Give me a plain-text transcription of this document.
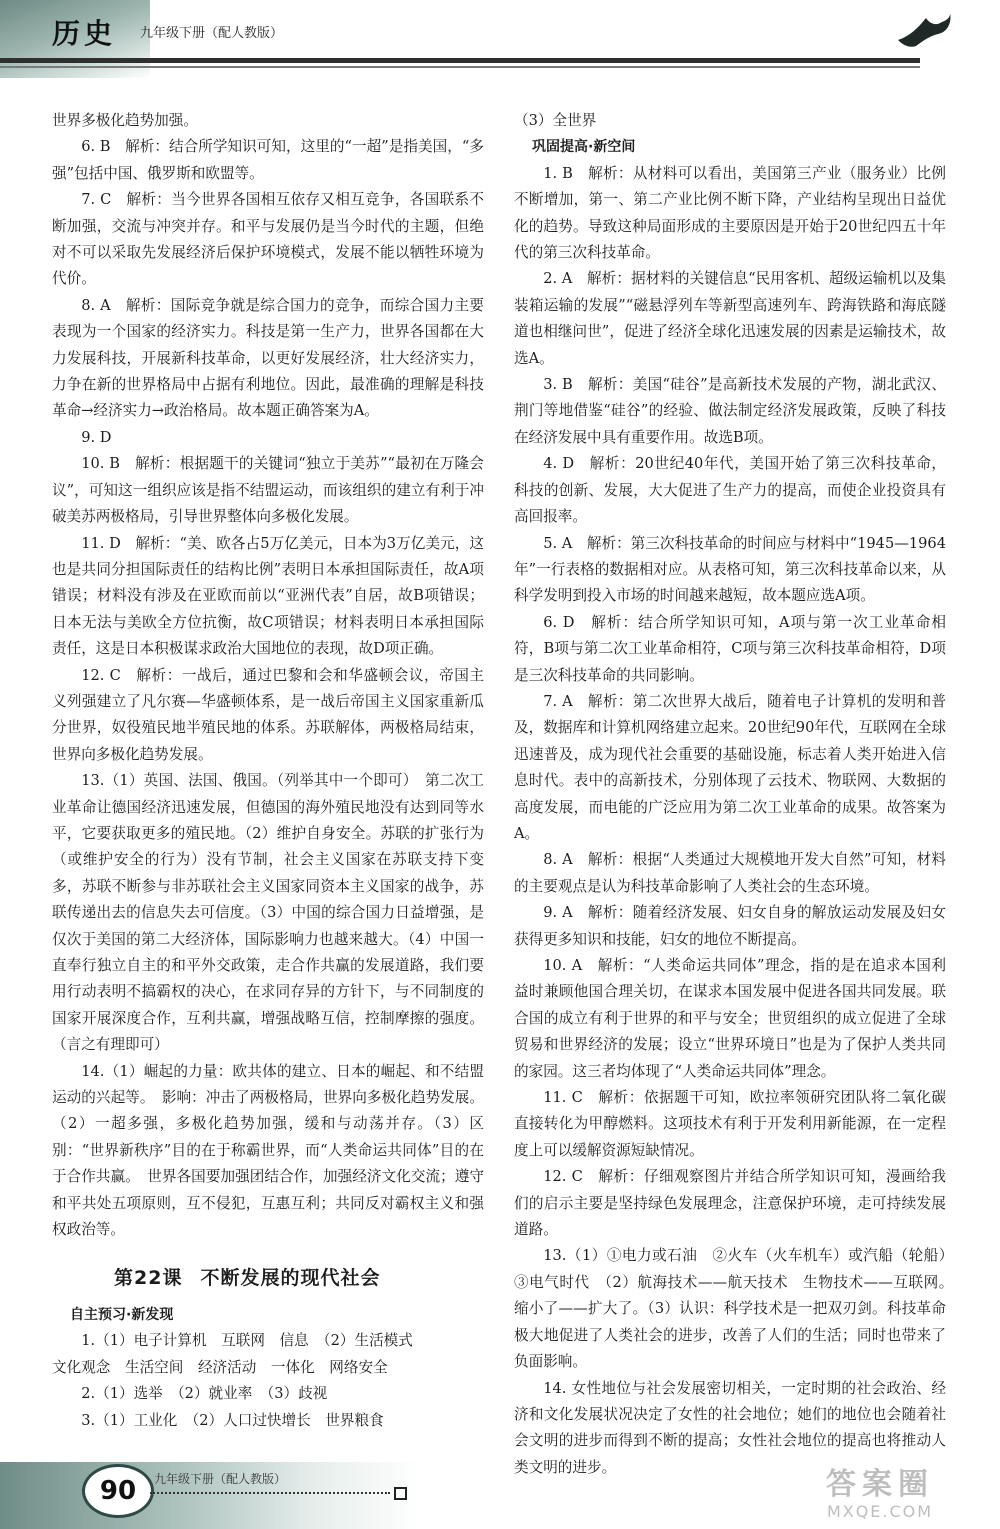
历史 九年级下册（配人教版）

世界多极化趋势加强。

6. B　解析：结合所学知识可知，这里的“一超”是指美国，“多强”包括中国、俄罗斯和欧盟等。

7. C　解析：当今世界各国相互依存又相互竞争，各国联系不断加强，交流与冲突并存。和平与发展仍是当今时代的主题，但绝对不可以采取先发展经济后保护环境模式，发展不能以牺牲环境为代价。

8. A　解析：国际竞争就是综合国力的竞争，而综合国力主要表现为一个国家的经济实力。科技是第一生产力，世界各国都在大力发展科技，开展新科技革命，以更好发展经济，壮大经济实力，力争在新的世界格局中占据有利地位。因此，最准确的理解是科技革命→经济实力→政治格局。故本题正确答案为A。

9. D

10. B　解析：根据题干的关键词“独立于美苏”“最初在万隆会议”，可知这一组织应该是指不结盟运动，而该组织的建立有利于冲破美苏两极格局，引导世界整体向多极化发展。

11. D　解析：“美、欧各占5万亿美元，日本为3万亿美元，这也是共同分担国际责任的结构比例”表明日本承担国际责任，故A项错误；材料没有涉及在亚欧而前以“亚洲代表”自居，故B项错误；日本无法与美欧全方位抗衡，故C项错误；材料表明日本承担国际责任，这是日本积极谋求政治大国地位的表现，故D项正确。

12. C　解析：一战后，通过巴黎和会和华盛顿会议，帝国主义列强建立了凡尔赛—华盛顿体系，是一战后帝国主义国家重新瓜分世界，奴役殖民地半殖民地的体系。苏联解体，两极格局结束，世界向多极化趋势发展。

13.（1）英国、法国、俄国。（列举其中一个即可）　第二次工业革命让德国经济迅速发展，但德国的海外殖民地没有达到同等水平，它要获取更多的殖民地。（2）维护自身安全。苏联的扩张行为（或维护安全的行为）没有节制，社会主义国家在苏联支持下变多，苏联不断参与非苏联社会主义国家同资本主义国家的战争，苏联传递出去的信息失去可信度。（3）中国的综合国力日益增强，是仅次于美国的第二大经济体，国际影响力也越来越大。（4）中国一直奉行独立自主的和平外交政策，走合作共赢的发展道路，我们要用行动表明不搞霸权的决心，在求同存异的方针下，与不同制度的国家开展深度合作，互利共赢，增强战略互信，控制摩擦的强度。（言之有理即可）

14.（1）崛起的力量：欧共体的建立、日本的崛起、和不结盟运动的兴起等。　影响：冲击了两极格局，世界向多极化趋势发展。（2）一超多强，多极化趋势加强，缓和与动荡并存。（3）区别：“世界新秩序”目的在于称霸世界，而“人类命运共同体”目的在于合作共赢。　世界各国要加强团结合作，加强经济文化交流；遵守和平共处五项原则，互不侵犯，互惠互利；共同反对霸权主义和强权政治等。

第22课 不断发展的现代社会
自主预习·新发现

1.（1）电子计算机　互联网　信息　（2）生活模式

文化观念　生活空间　经济活动　一体化　网络安全

2.（1）选举　（2）就业率　（3）歧视

3.（1）工业化　（2）人口过快增长　世界粮食

（3）全世界

巩固提高·新空间

1. B　解析：从材料可以看出，美国第三产业（服务业）比例不断增加，第一、第二产业比例不断下降，产业结构呈现出日益优化的趋势。导致这种局面形成的主要原因是开始于20世纪四五十年代的第三次科技革命。

2. A　解析：据材料的关键信息“民用客机、超级运输机以及集装箱运输的发展”“磁悬浮列车等新型高速列车、跨海铁路和海底隧道也相继问世”，促进了经济全球化迅速发展的因素是运输技术，故选A。

3. B　解析：美国“硅谷”是高新技术发展的产物，湖北武汉、荆门等地借鉴“硅谷”的经验、做法制定经济发展政策，反映了科技在经济发展中具有重要作用。故选B项。

4. D　解析：20世纪40年代，美国开始了第三次科技革命，科技的创新、发展，大大促进了生产力的提高，而使企业投资具有高回报率。

5. A　解析：第三次科技革命的时间应与材料中“1945—1964年”一行表格的数据相对应。从表格可知，第三次科技革命以来，从科学发明到投入市场的时间越来越短，故本题应选A项。

6. D　解析：结合所学知识可知，A项与第一次工业革命相符，B项与第二次工业革命相符，C项与第三次科技革命相符，D项是三次科技革命的共同影响。

7. A　解析：第二次世界大战后，随着电子计算机的发明和普及，数据库和计算机网络建立起来。20世纪90年代，互联网在全球迅速普及，成为现代社会重要的基础设施，标志着人类开始进入信息时代。表中的高新技术，分别体现了云技术、物联网、大数据的高度发展，而电能的广泛应用为第二次工业革命的成果。故答案为A。

8. A　解析：根据“人类通过大规模地开发大自然”可知，材料的主要观点是认为科技革命影响了人类社会的生态环境。

9. A　解析：随着经济发展、妇女自身的解放运动发展及妇女获得更多知识和技能，妇女的地位不断提高。

10. A　解析：“人类命运共同体”理念，指的是在追求本国利益时兼顾他国合理关切，在谋求本国发展中促进各国共同发展。联合国的成立有利于世界的和平与安全；世贸组织的成立促进了全球贸易和世界经济的发展；设立“世界环境日”也是为了保护人类共同的家园。这三者均体现了“人类命运共同体”理念。

11. C　解析：依据题干可知，欧拉率领研究团队将二氧化碳直接转化为甲醇燃料。这项技术有利于开发利用新能源，在一定程度上可以缓解资源短缺情况。

12. C　解析：仔细观察图片并结合所学知识可知，漫画给我们的启示主要是坚持绿色发展理念，注意保护环境，走可持续发展道路。

13.（1）①电力或石油　②火车（火车机车）或汽船（轮船）　③电气时代　（2）航海技术——航天技术　生物技术——互联网。　缩小了——扩大了。（3）认识：科学技术是一把双刃剑。科技革命极大地促进了人类社会的进步，改善了人们的生活；同时也带来了负面影响。

14. 女性地位与社会发展密切相关，一定时期的社会政治、经济和文化发展状况决定了女性的社会地位；她们的地位也会随着社会文明的进步而得到不断的提高；女性社会地位的提高也将推动人类文明的进步。

90	九年级下册（配人教版）	答案圈
MXQE.COM
